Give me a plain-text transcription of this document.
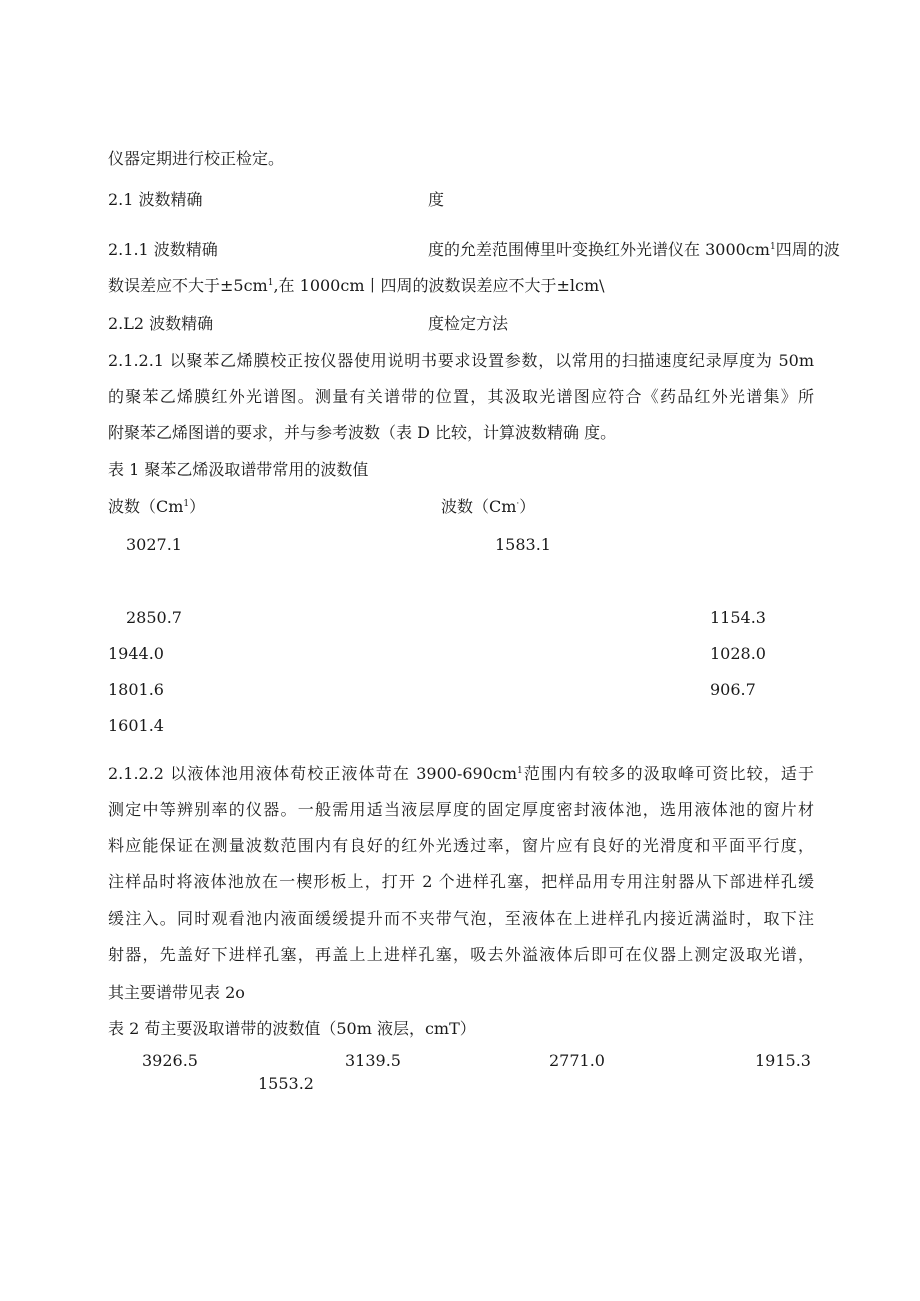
仪器定期进行校正检定。

2.1 波数精确	度
2.1.1 波数精确	度的允差范围傅里叶变换红外光谱仪在 $3000cm^1$四周的波

数误差应不大于$\pm 5cm^1$,在 1000cm丨四周的波数误差应不大于±lcm\

2.L2 波数精确	度检定方法

2.1.2.1 以聚苯乙烯膜校正按仪器使用说明书要求设置参数，以常用的扫描速度纪录厚度为 50m

的聚苯乙烯膜红外光谱图。测量有关谱带的位置，其汲取光谱图应符合《药品红外光谱集》所

附聚苯乙烯图谱的要求，并与参考波数（表 D 比较，计算波数精确 度。

表 1 聚苯乙烯汲取谱带常用的波数值

波数（Cm$^1$）	波数（Cm·）

3027.1	1583.1

2850.7	1154.3

1944.0	1028.0

1801.6	906.7

1601.4

2.1.2.2 以液体池用液体荀校正液体苛在 $3900-690cm^1$范围内有较多的汲取峰可资比较，适于

测定中等辨别率的仪器。一般需用适当液层厚度的固定厚度密封液体池，选用液体池的窗片材

料应能保证在测量波数范围内有良好的红外光透过率，窗片应有良好的光滑度和平面平行度，

注样品时将液体池放在一楔形板上，打开 2 个进样孔塞，把样品用专用注射器从下部进样孔缓

缓注入。同时观看池内液面缓缓提升而不夹带气泡，至液体在上进样孔内接近满溢时，取下注

射器，先盖好下进样孔塞，再盖上上进样孔塞，吸去外溢液体后即可在仪器上测定汲取光谱，

其主要谱带见表 2o

表 2 荀主要汲取谱带的波数值（50m 液层，cmT）

3926.5	3139.5	2771.0	1915.3

1553.2
